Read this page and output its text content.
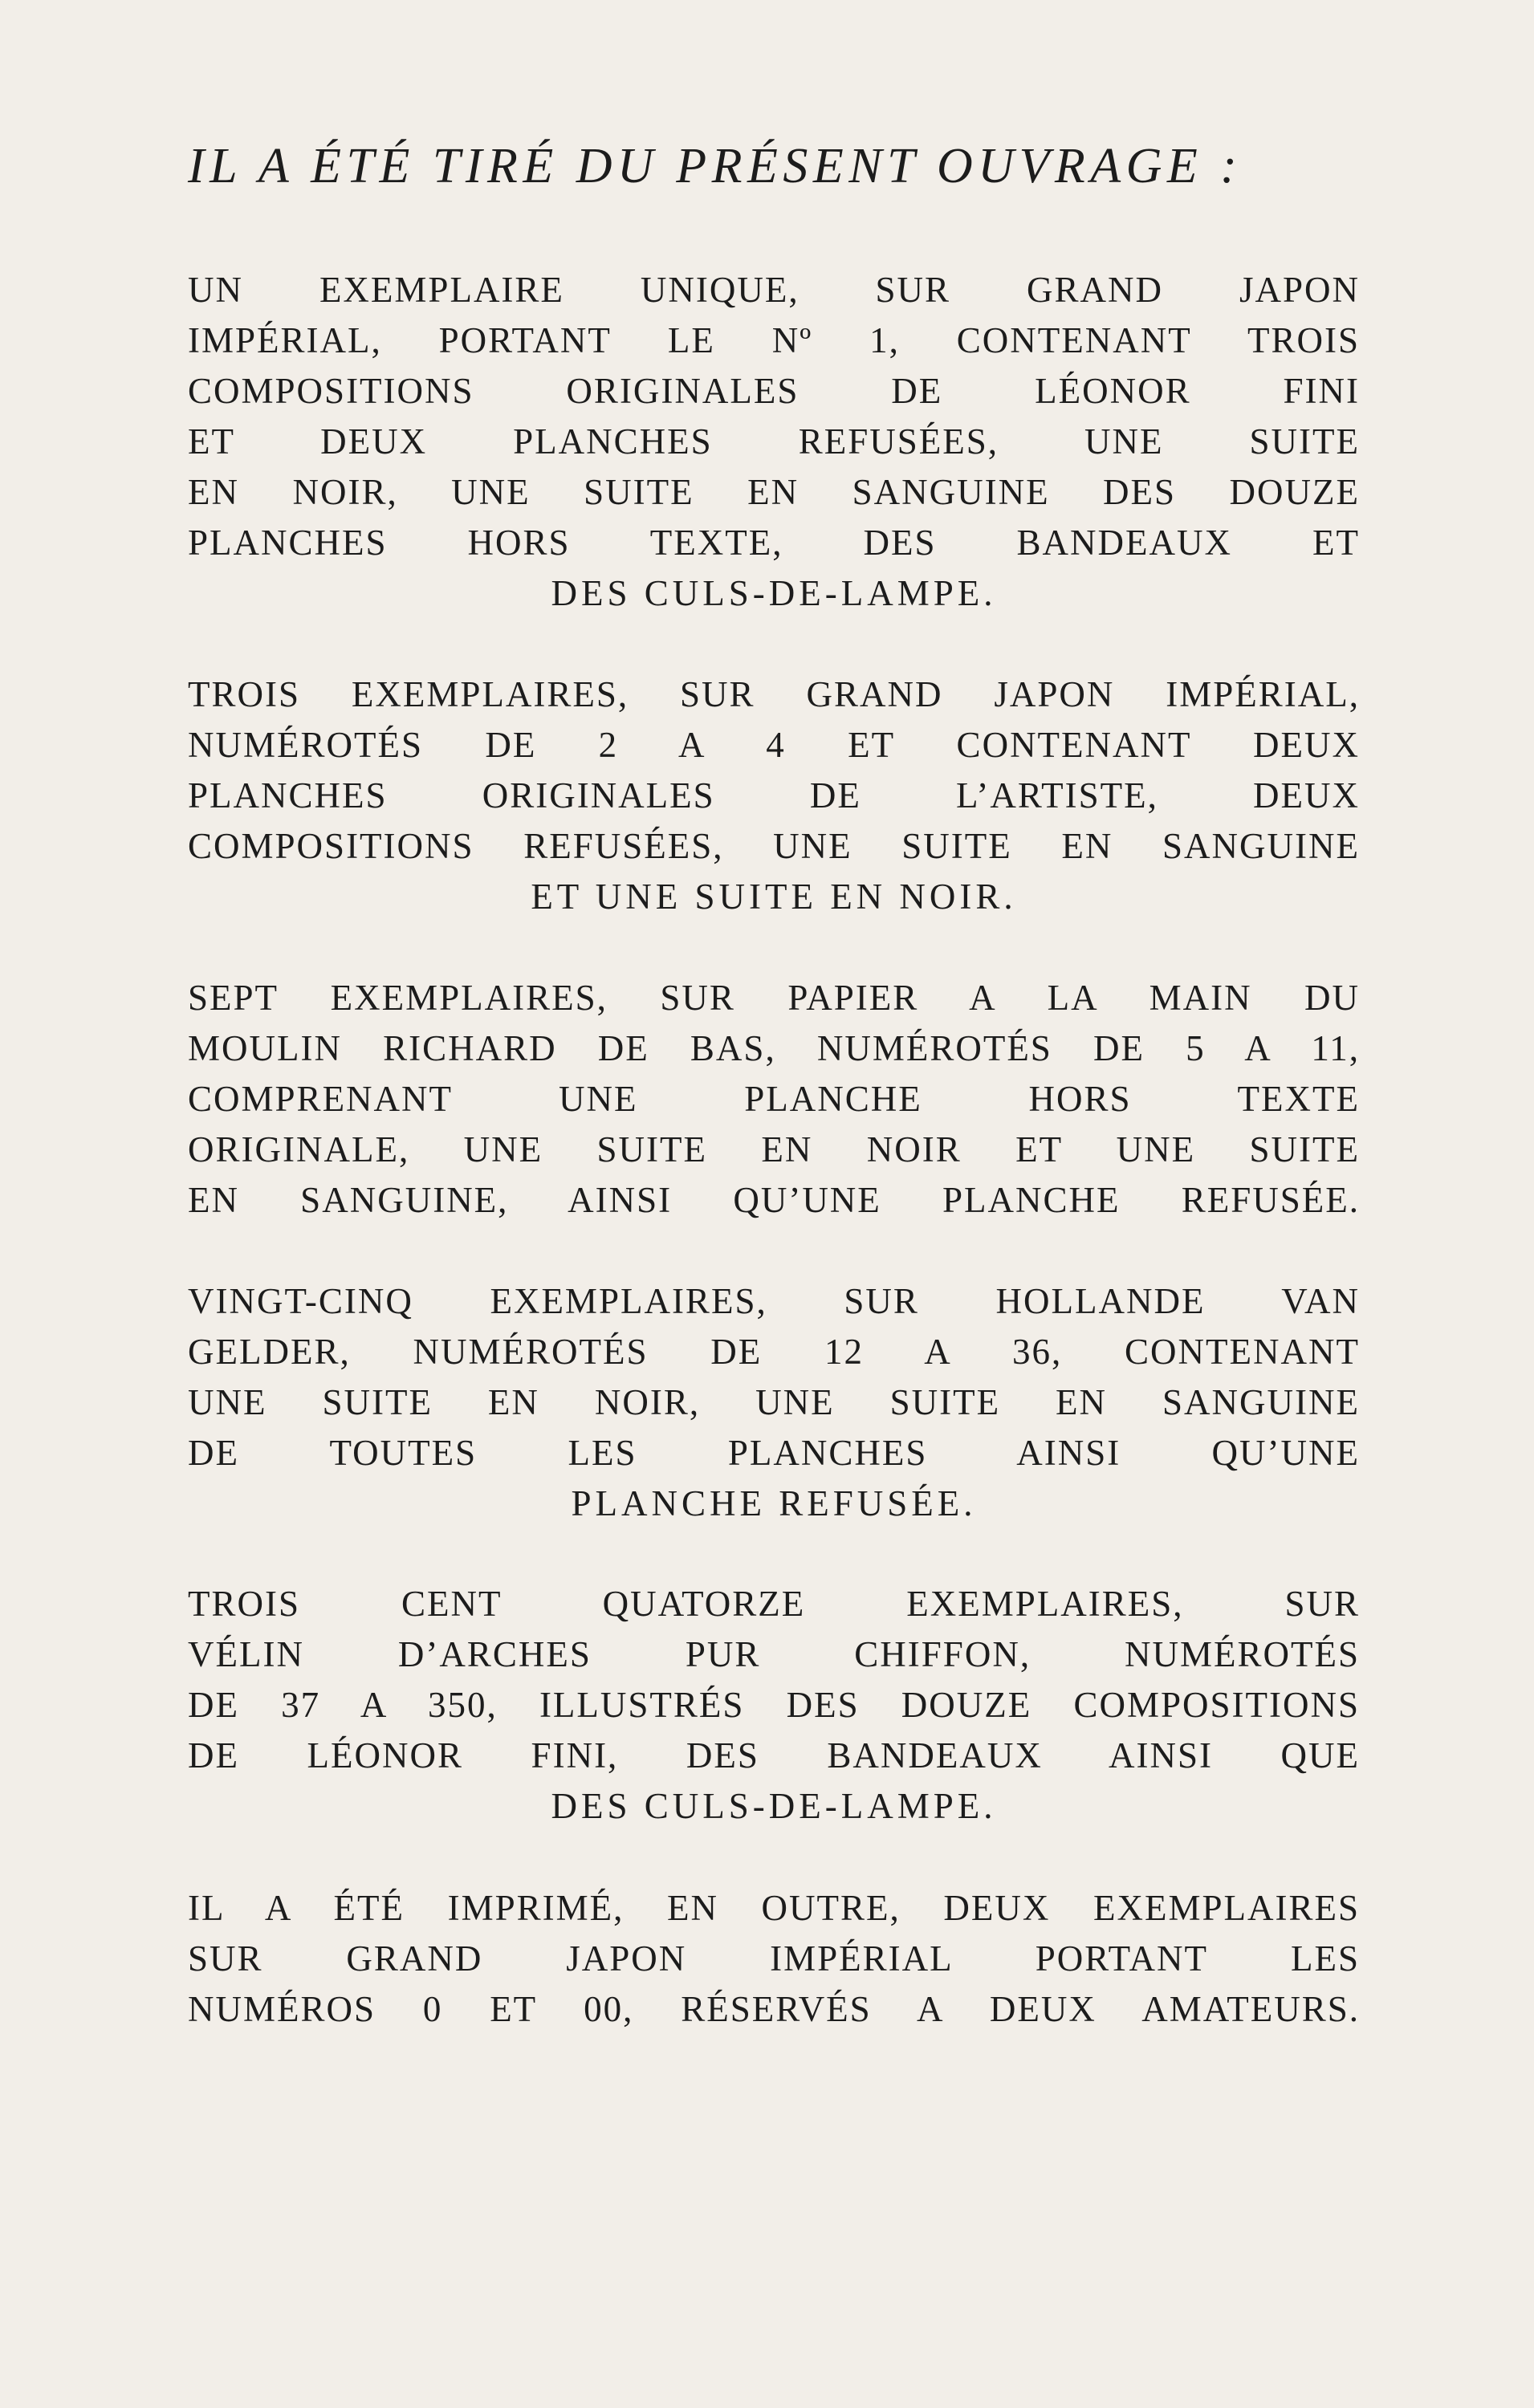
IL A ÉTÉ TIRÉ DU PRÉSENT OUVRAGE :
UN EXEMPLAIRE UNIQUE, SUR GRAND JAPON
IMPÉRIAL, PORTANT LE Nº 1, CONTENANT TROIS
COMPOSITIONS ORIGINALES DE LÉONOR FINI
ET DEUX PLANCHES REFUSÉES, UNE SUITE
EN NOIR, UNE SUITE EN SANGUINE DES DOUZE
PLANCHES HORS TEXTE, DES BANDEAUX ET
DES CULS-DE-LAMPE.
TROIS EXEMPLAIRES, SUR GRAND JAPON IMPÉRIAL,
NUMÉROTÉS DE 2 A 4 ET CONTENANT DEUX
PLANCHES ORIGINALES DE L’ARTISTE, DEUX
COMPOSITIONS REFUSÉES, UNE SUITE EN SANGUINE
ET UNE SUITE EN NOIR.
SEPT EXEMPLAIRES, SUR PAPIER A LA MAIN DU
MOULIN RICHARD DE BAS, NUMÉROTÉS DE 5 A 11,
COMPRENANT UNE PLANCHE HORS TEXTE
ORIGINALE, UNE SUITE EN NOIR ET UNE SUITE
EN SANGUINE, AINSI QU’UNE PLANCHE REFUSÉE.
VINGT-CINQ EXEMPLAIRES, SUR HOLLANDE VAN
GELDER, NUMÉROTÉS DE 12 A 36, CONTENANT
UNE SUITE EN NOIR, UNE SUITE EN SANGUINE
DE TOUTES LES PLANCHES AINSI QU’UNE
PLANCHE REFUSÉE.
TROIS CENT QUATORZE EXEMPLAIRES, SUR
VÉLIN D’ARCHES PUR CHIFFON, NUMÉROTÉS
DE 37 A 350, ILLUSTRÉS DES DOUZE COMPOSITIONS
DE LÉONOR FINI, DES BANDEAUX AINSI QUE
DES CULS-DE-LAMPE.
IL A ÉTÉ IMPRIMÉ, EN OUTRE, DEUX EXEMPLAIRES
SUR GRAND JAPON IMPÉRIAL PORTANT LES
NUMÉROS 0 ET 00, RÉSERVÉS A DEUX AMATEURS.
